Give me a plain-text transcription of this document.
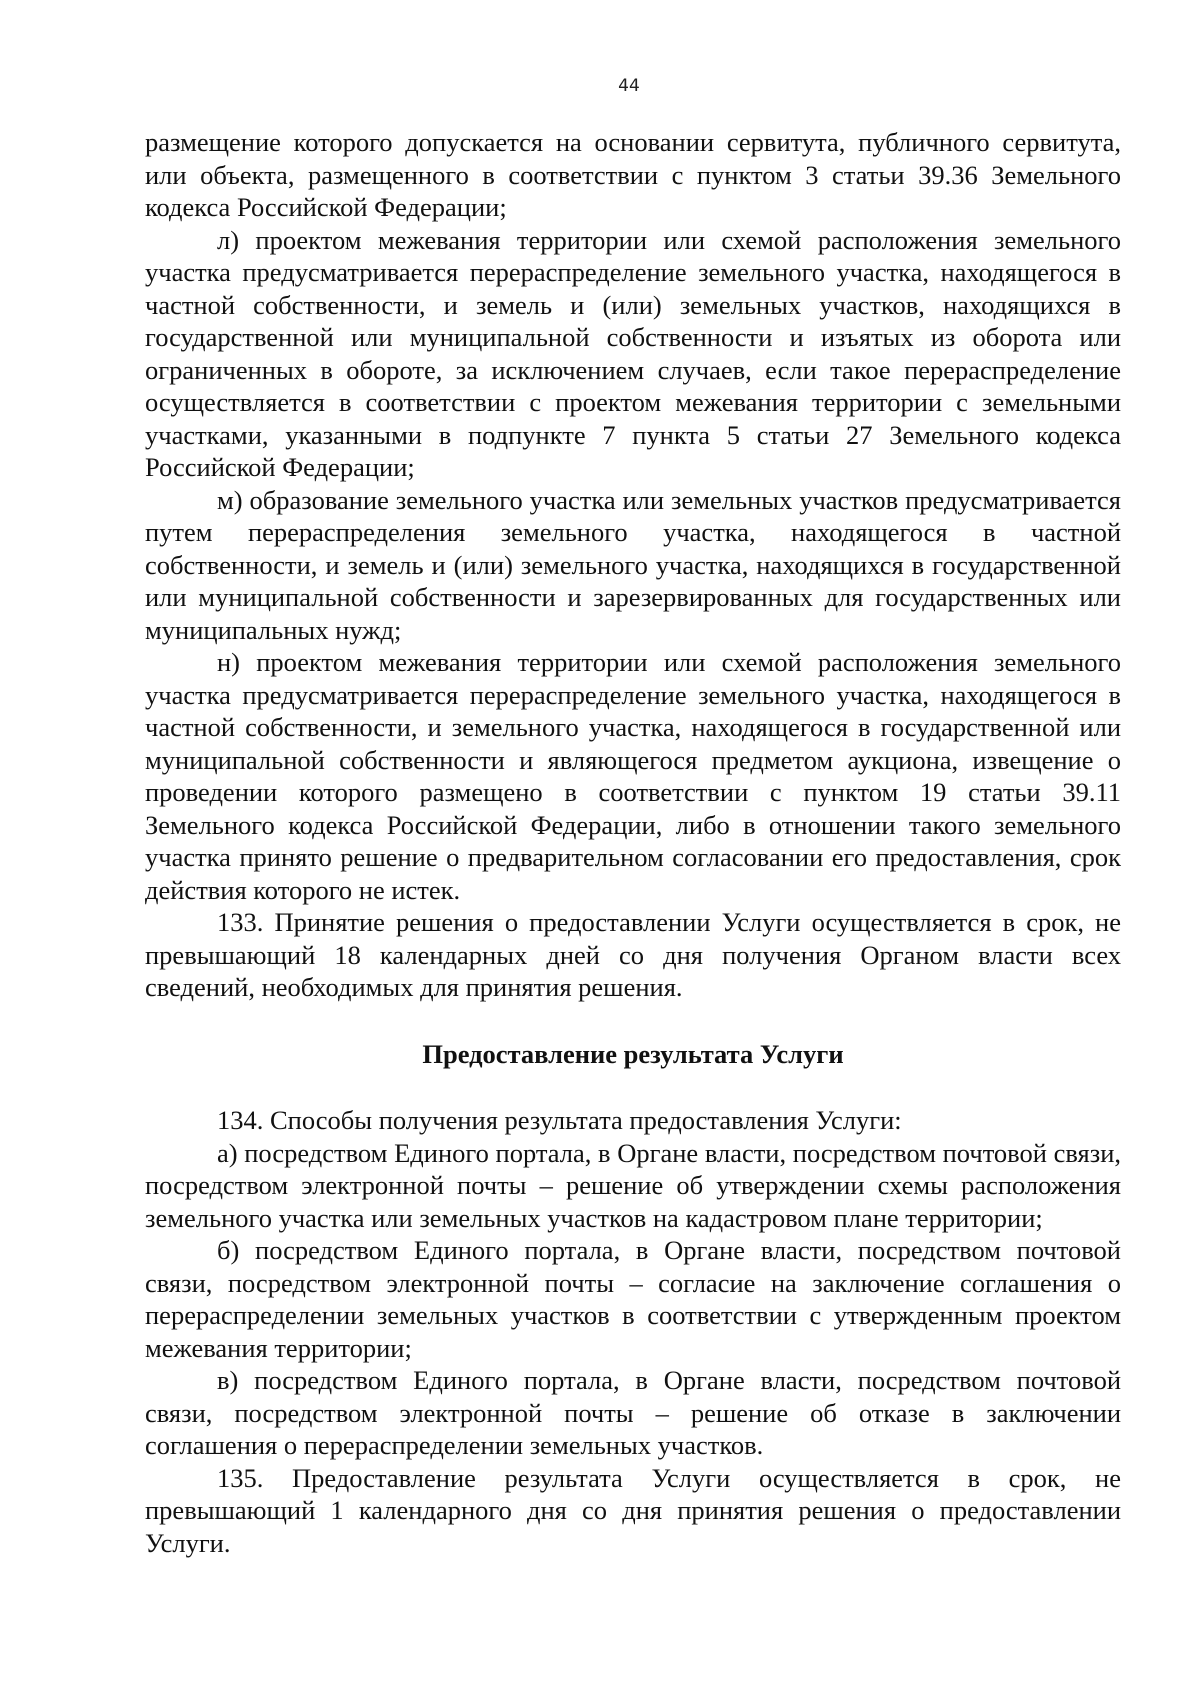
44

размещение которого допускается на основании сервитута, публичного сервитута, или объекта, размещенного в соответствии с пунктом 3 статьи 39.36 Земельного кодекса Российской Федерации;

л) проектом межевания территории или схемой расположения земельного участка предусматривается перераспределение земельного участка, находящегося в частной собственности, и земель и (или) земельных участков, находящихся в государственной или муниципальной собственности и изъятых из оборота или ограниченных в обороте, за исключением случаев, если такое перераспределение осуществляется в соответствии с проектом межевания территории с земельными участками, указанными в подпункте 7 пункта 5 статьи 27 Земельного кодекса Российской Федерации;

м) образование земельного участка или земельных участков предусматривается путем перераспределения земельного участка, находящегося в частной собственности, и земель и (или) земельного участка, находящихся в государственной или муниципальной собственности и зарезервированных для государственных или муниципальных нужд;

н) проектом межевания территории или схемой расположения земельного участка предусматривается перераспределение земельного участка, находящегося в частной собственности, и земельного участка, находящегося в государственной или муниципальной собственности и являющегося предметом аукциона, извещение о проведении которого размещено в соответствии с пунктом 19 статьи 39.11 Земельного кодекса Российской Федерации, либо в отношении такого земельного участка принято решение о предварительном согласовании его предоставления, срок действия которого не истек.

133. Принятие решения о предоставлении Услуги осуществляется в срок, не превышающий 18 календарных дней со дня получения Органом власти всех сведений, необходимых для принятия решения.

Предоставление результата Услуги

134. Способы получения результата предоставления Услуги:

а) посредством Единого портала, в Органе власти, посредством почтовой связи, посредством электронной почты – решение об утверждении схемы расположения земельного участка или земельных участков на кадастровом плане территории;

б) посредством Единого портала, в Органе власти, посредством почтовой связи, посредством электронной почты – согласие на заключение соглашения о перераспределении земельных участков в соответствии с утвержденным проектом межевания территории;

в) посредством Единого портала, в Органе власти, посредством почтовой связи, посредством электронной почты – решение об отказе в заключении соглашения о перераспределении земельных участков.

135. Предоставление результата Услуги осуществляется в срок, не превышающий 1 календарного дня со дня принятия решения о предоставлении Услуги.
